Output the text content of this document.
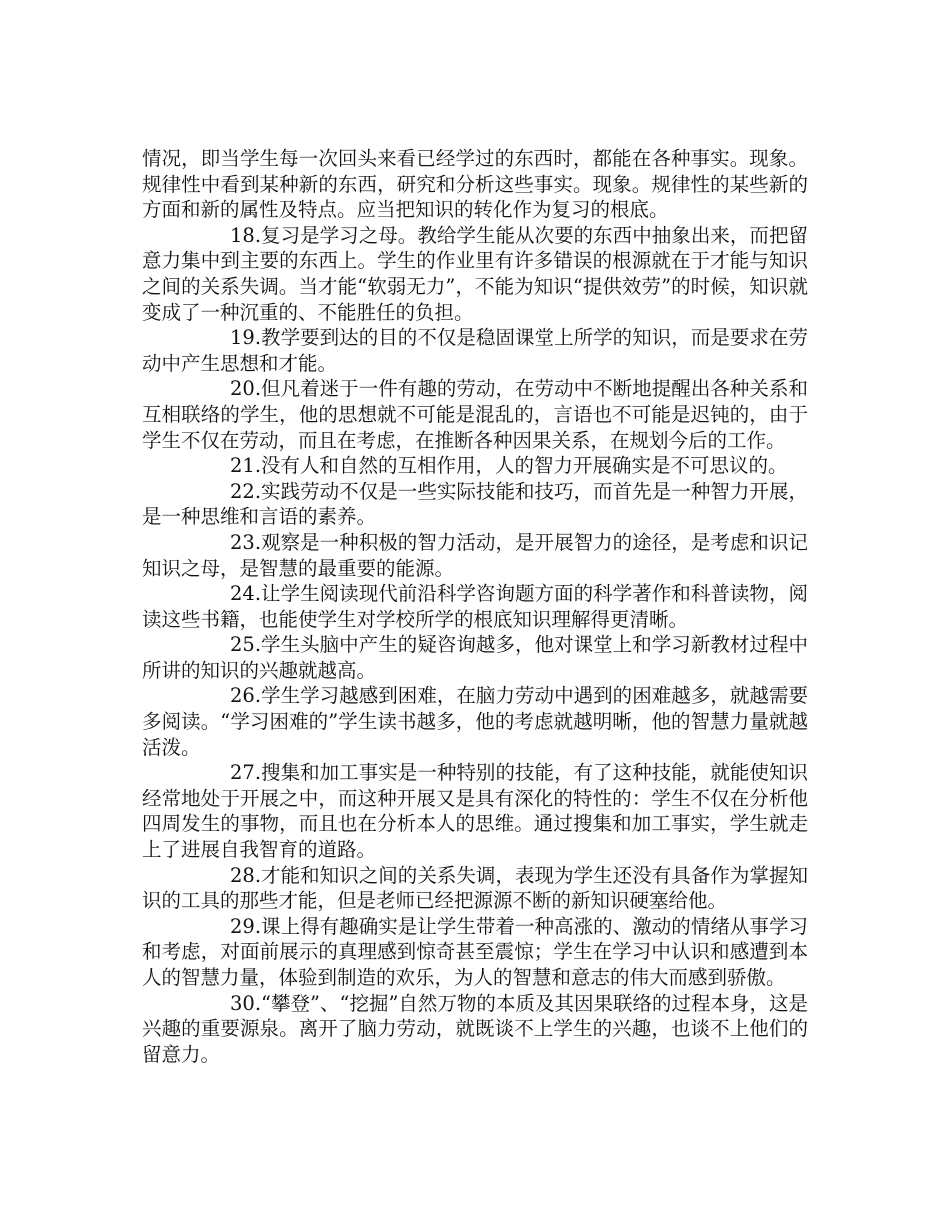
情况，即当学生每一次回头来看已经学过的东西时，都能在各种事实。现象。规律性中看到某种新的东西，研究和分析这些事实。现象。规律性的某些新的方面和新的属性及特点。应当把知识的转化作为复习的根底。

18.复习是学习之母。教给学生能从次要的东西中抽象出来，而把留意力集中到主要的东西上。学生的作业里有许多错误的根源就在于才能与知识之间的关系失调。当才能“软弱无力”，不能为知识“提供效劳”的时候，知识就变成了一种沉重的、不能胜任的负担。

19.教学要到达的目的不仅是稳固课堂上所学的知识，而是要求在劳动中产生思想和才能。

20.但凡着迷于一件有趣的劳动，在劳动中不断地提醒出各种关系和互相联络的学生，他的思想就不可能是混乱的，言语也不可能是迟钝的，由于学生不仅在劳动，而且在考虑，在推断各种因果关系，在规划今后的工作。

21.没有人和自然的互相作用，人的智力开展确实是不可思议的。

22.实践劳动不仅是一些实际技能和技巧，而首先是一种智力开展，是一种思维和言语的素养。

23.观察是一种积极的智力活动，是开展智力的途径，是考虑和识记知识之母，是智慧的最重要的能源。

24.让学生阅读现代前沿科学咨询题方面的科学著作和科普读物，阅读这些书籍，也能使学生对学校所学的根底知识理解得更清晰。

25.学生头脑中产生的疑咨询越多，他对课堂上和学习新教材过程中所讲的知识的兴趣就越高。

26.学生学习越感到困难，在脑力劳动中遇到的困难越多，就越需要多阅读。“学习困难的”学生读书越多，他的考虑就越明晰，他的智慧力量就越活泼。

27.搜集和加工事实是一种特别的技能，有了这种技能，就能使知识经常地处于开展之中，而这种开展又是具有深化的特性的：学生不仅在分析他四周发生的事物，而且也在分析本人的思维。通过搜集和加工事实，学生就走上了进展自我智育的道路。

28.才能和知识之间的关系失调，表现为学生还没有具备作为掌握知识的工具的那些才能，但是老师已经把源源不断的新知识硬塞给他。

29.课上得有趣确实是让学生带着一种高涨的、激动的情绪从事学习和考虑，对面前展示的真理感到惊奇甚至震惊；学生在学习中认识和感遭到本人的智慧力量，体验到制造的欢乐，为人的智慧和意志的伟大而感到骄傲。

30.“攀登”、“挖掘”自然万物的本质及其因果联络的过程本身，这是兴趣的重要源泉。离开了脑力劳动，就既谈不上学生的兴趣，也谈不上他们的留意力。
